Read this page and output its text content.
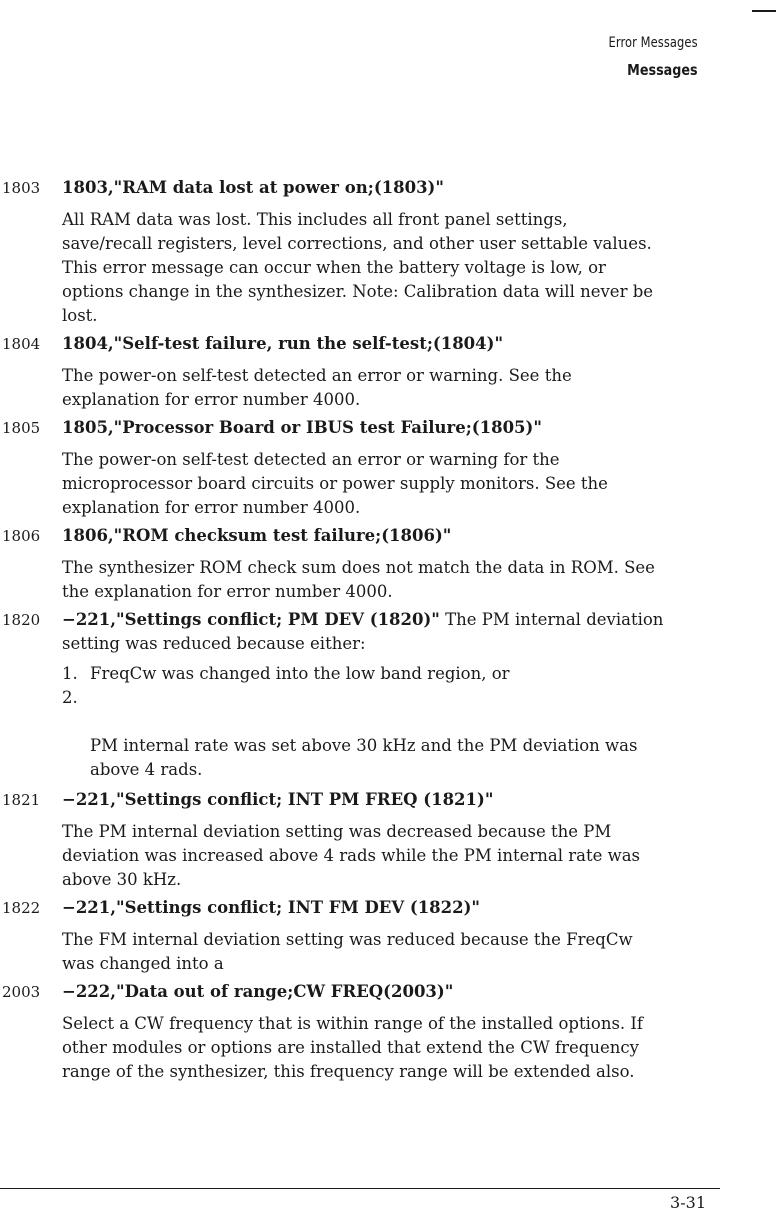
Error Messages
Messages
1803 1803,"RAM data lost at power on;(1803)"

All RAM data was lost. This includes all front panel settings,
save/recall registers, level corrections, and other user settable values.
This error message can occur when the battery voltage is low, or
options change in the synthesizer. Note: Calibration data will never be
lost.

1804 1804,"Self-test failure, run the self-test;(1804)"

The power-on self-test detected an error or warning. See the
explanation for error number 4000.

1805 1805,"Processor Board or IBUS test Failure;(1805)"

The power-on self-test detected an error or warning for the
microprocessor board circuits or power supply monitors. See the
explanation for error number 4000.

1806 1806,"ROM checksum test failure;(1806)"

The synthesizer ROM check sum does not match the data in ROM. See
the explanation for error number 4000.

1820 −221,"Settings conflict; PM DEV (1820)" The PM internal deviation

setting was reduced because either:

1. FreqCw was changed into the low band region, or

2.

PM internal rate was set above 30 kHz and the PM deviation was
above 4 rads.

1821 −221,"Settings conflict; INT PM FREQ (1821)"

The PM internal deviation setting was decreased because the PM
deviation was increased above 4 rads while the PM internal rate was
above 30 kHz.

1822 −221,"Settings conflict; INT FM DEV (1822)"

The FM internal deviation setting was reduced because the FreqCw
was changed into a

2003 −222,"Data out of range;CW FREQ(2003)"

Select a CW frequency that is within range of the installed options. If
other modules or options are installed that extend the CW frequency
range of the synthesizer, this frequency range will be extended also.

3-31
